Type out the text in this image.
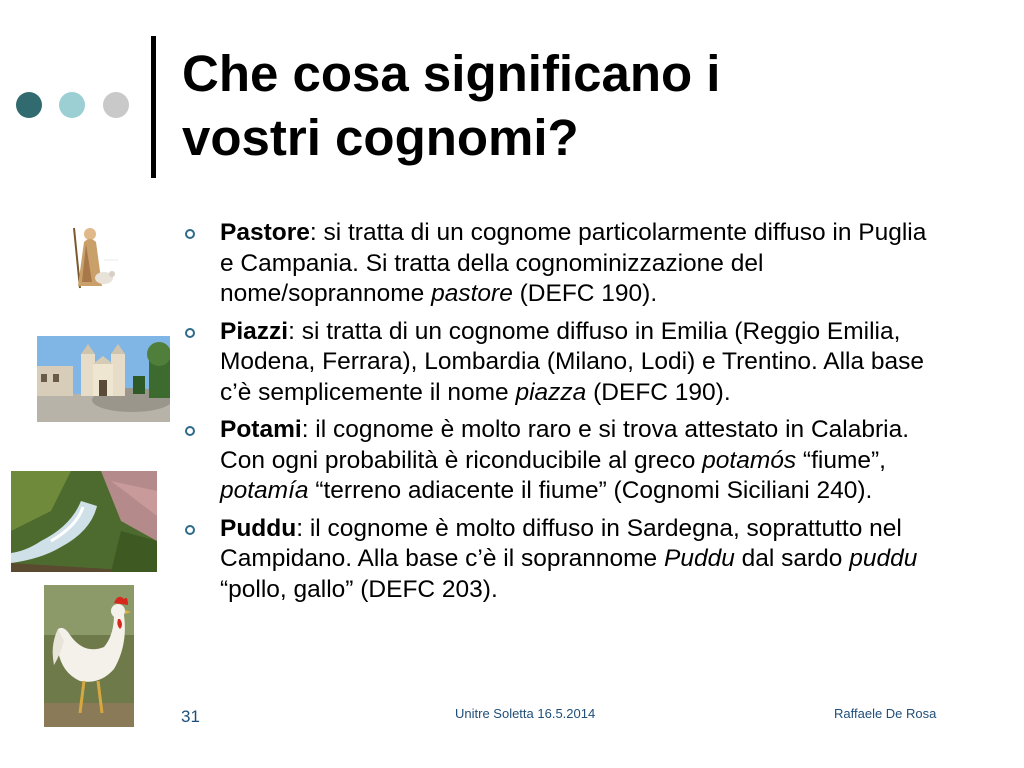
Che cosa significano i
vostri cognomi?
~~~~
Pastore: si tratta di un cognome particolarmente diffuso in Puglia e Campania. Si tratta della cognominizzazione del nome/soprannome pastore (DEFC 190).
Piazzi: si tratta di un cognome diffuso in Emilia (Reggio Emilia, Modena, Ferrara), Lombardia (Milano, Lodi) e Trentino. Alla base c’è semplicemente il nome piazza (DEFC 190).
Potami: il cognome è molto raro e si trova attestato in Calabria. Con ogni probabilità è riconducibile al greco potamós “fiume”, potamía “terreno adiacente il fiume” (Cognomi Siciliani 240).
Puddu: il cognome è molto diffuso in Sardegna, soprattutto nel Campidano. Alla base c’è il soprannome Puddu dal sardo puddu “pollo, gallo” (DEFC 203).
31	Unitre Soletta 16.5.2014	Raffaele De Rosa
